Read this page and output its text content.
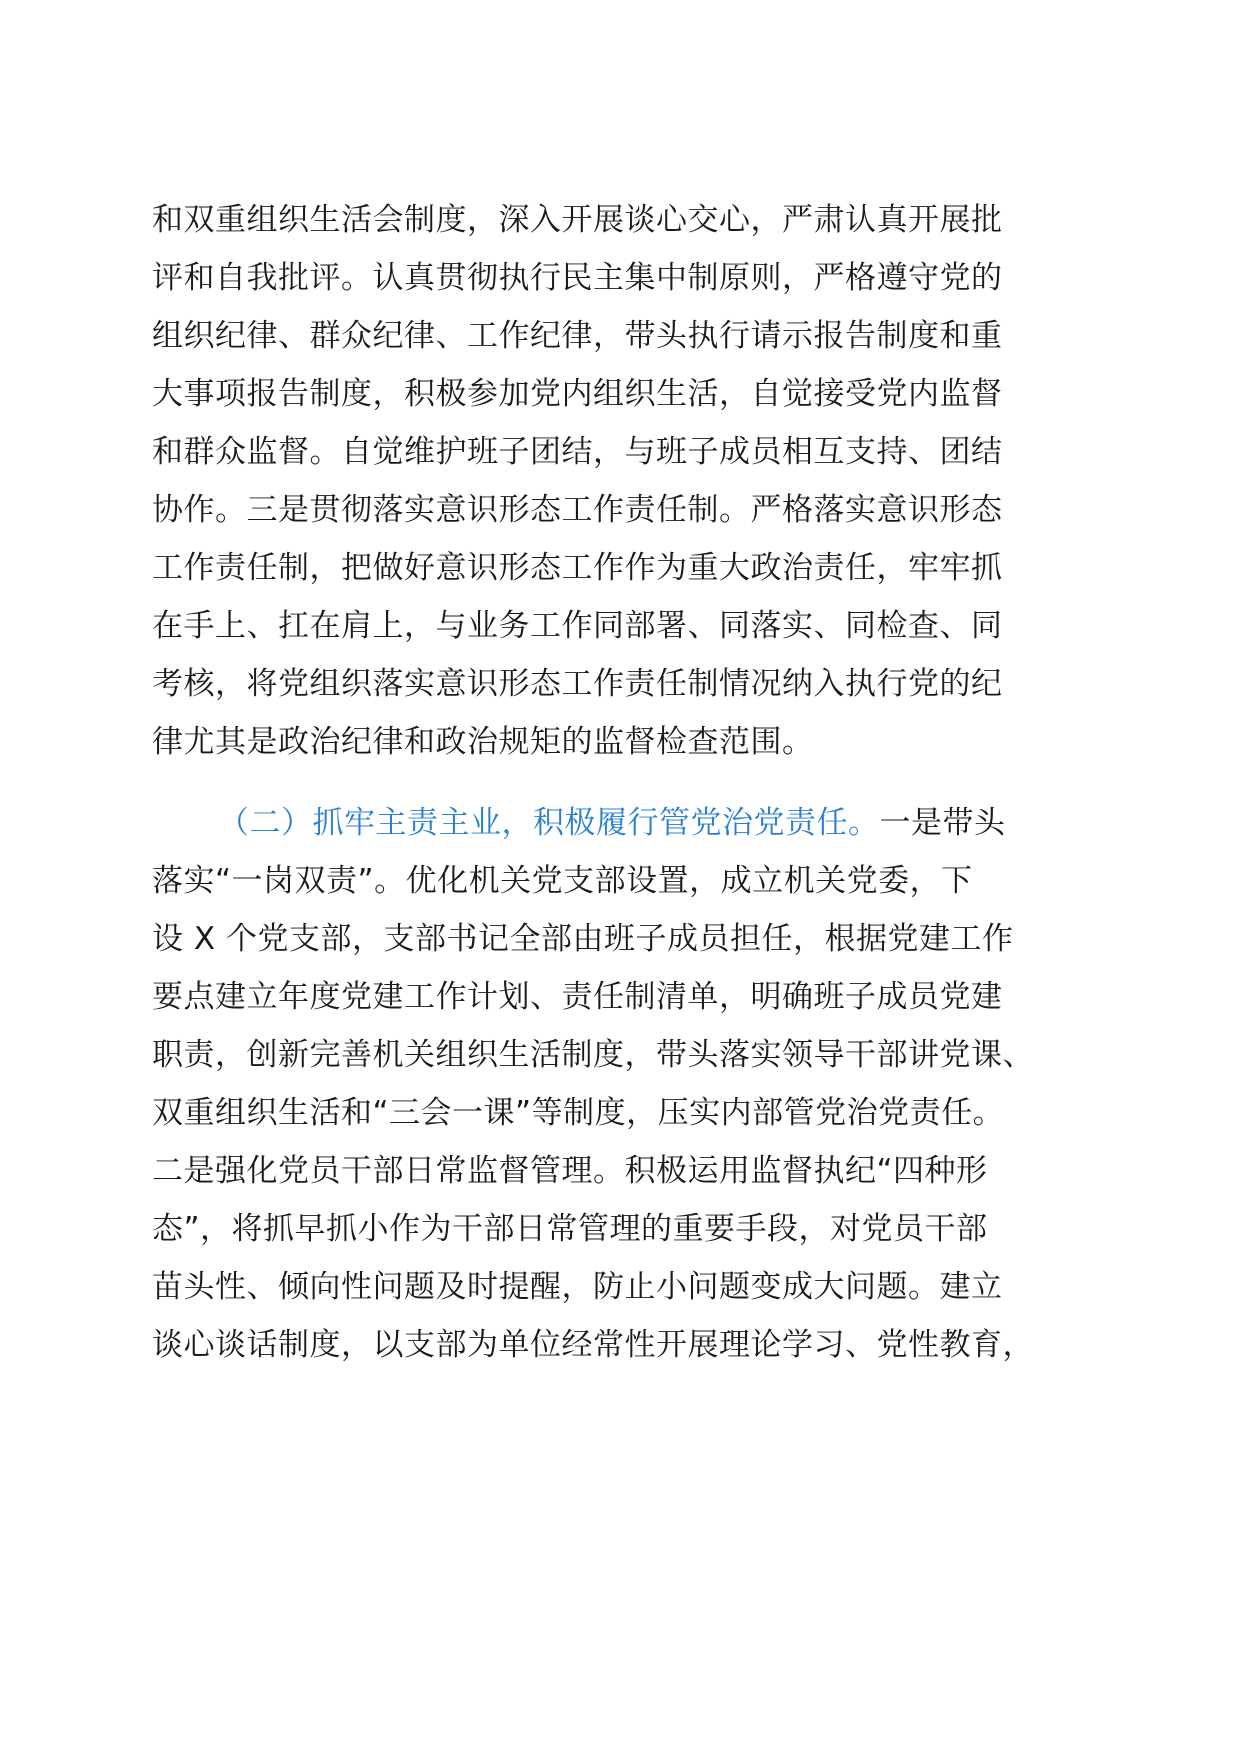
和双重组织生活会制度，深入开展谈心交心，严肃认真开展批
评和自我批评。认真贯彻执行民主集中制原则，严格遵守党的
组织纪律、群众纪律、工作纪律，带头执行请示报告制度和重
大事项报告制度，积极参加党内组织生活，自觉接受党内监督
和群众监督。自觉维护班子团结，与班子成员相互支持、团结
协作。三是贯彻落实意识形态工作责任制。严格落实意识形态
工作责任制，把做好意识形态工作作为重大政治责任，牢牢抓
在手上、扛在肩上，与业务工作同部署、同落实、同检查、同
考核，将党组织落实意识形态工作责任制情况纳入执行党的纪
律尤其是政治纪律和政治规矩的监督检查范围。
（二）抓牢主责主业，积极履行管党治党责任。一是带头
落实“一岗双责”。优化机关党支部设置，成立机关党委，下
设 X 个党支部，支部书记全部由班子成员担任，根据党建工作
要点建立年度党建工作计划、责任制清单，明确班子成员党建
职责，创新完善机关组织生活制度，带头落实领导干部讲党课、
双重组织生活和“三会一课”等制度，压实内部管党治党责任。
二是强化党员干部日常监督管理。积极运用监督执纪“四种形
态”，将抓早抓小作为干部日常管理的重要手段，对党员干部
苗头性、倾向性问题及时提醒，防止小问题变成大问题。建立
谈心谈话制度，以支部为单位经常性开展理论学习、党性教育，
